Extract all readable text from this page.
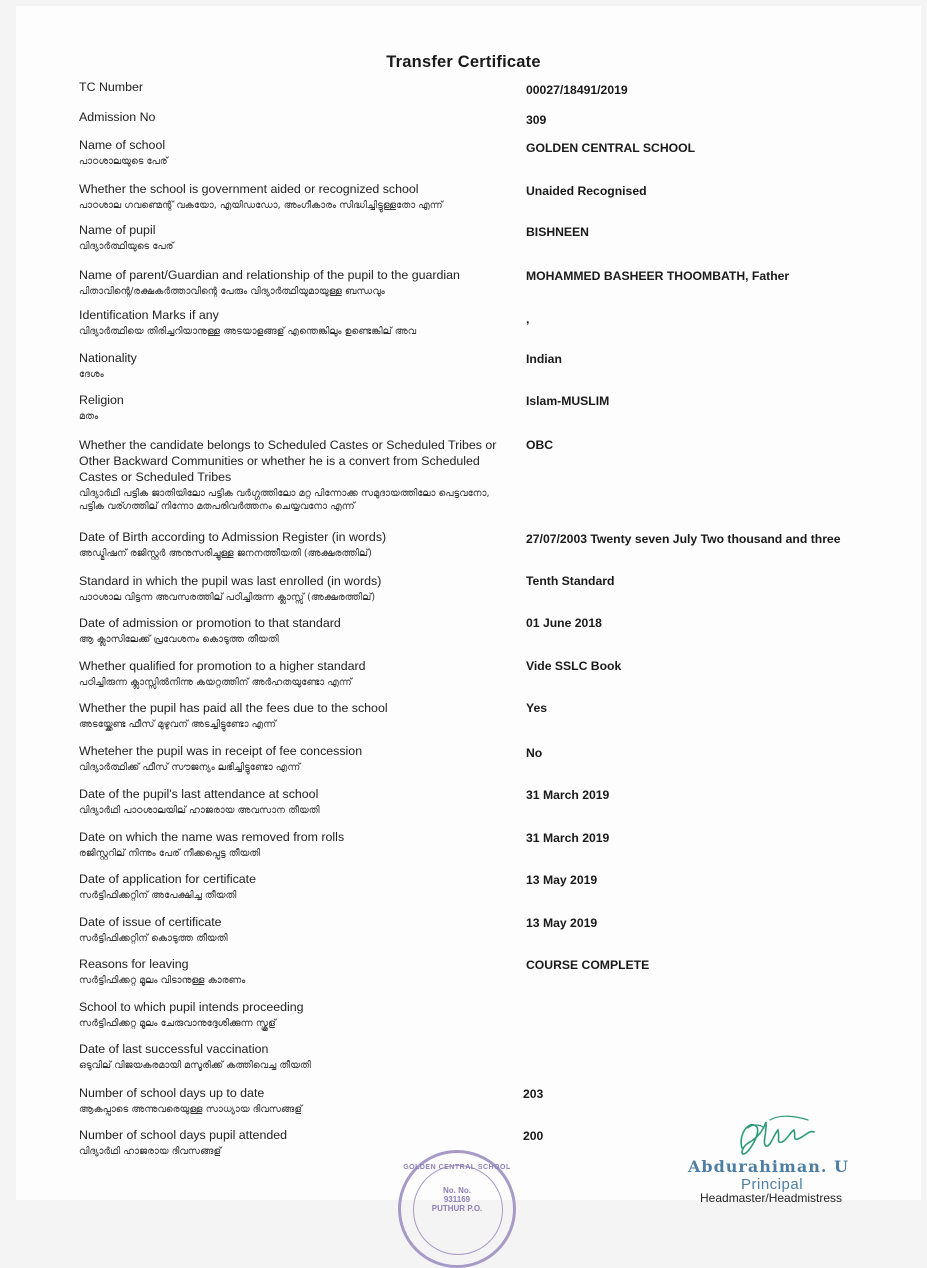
Transfer Certificate
TC Number	00027/18491/2019
Admission No	309
Name of school
പാഠശാലയുടെ പേര്
GOLDEN CENTRAL SCHOOL
Whether the school is government aided or recognized school
പാഠശാല ഗവണ്മെന്റ് വകയോ, എയിഡഡോ, അംഗീകാരം സിദ്ധിച്ചിട്ടുള്ളതോ എന്ന്
Unaided Recognised
Name of pupil
വിദ്യാർത്ഥിയുടെ പേര്
BISHNEEN
Name of parent/Guardian and relationship of the pupil to the guardian
പിതാവിന്റെ/രക്ഷകർത്താവിന്റെ പേരും വിദ്യാർത്ഥിയുമായുള്ള ബന്ധവും
MOHAMMED BASHEER THOOMBATH, Father
Identification Marks if any
വിദ്യാർത്ഥിയെ തിരിച്ചറിയാനുള്ള അടയാളങ്ങള് എന്തെങ്കിലും ഉണ്ടെങ്കില് അവ
,
Nationality
ദേശം
Indian
Religion
മതം
Islam-MUSLIM
Whether the candidate belongs to Scheduled Castes or Scheduled Tribes or Other Backward Communities or whether he is a convert from Scheduled Castes or Scheduled Tribes
വിദ്യാർഥി പട്ടിക ജാതിയിലോ പട്ടിക വർഗ്ഗത്തിലോ മറ്റ പിന്നോക്ക സമുദായത്തിലോ പെട്ടവനോ, പട്ടിക വര്ഗത്തില് നിന്നോ മതപരിവർത്തനം ചെയ്യവനോ എന്ന്
OBC
Date of Birth according to Admission Register (in words)
അഡ്മിഷന് രജിസ്റ്റർ അനുസരിച്ചുള്ള ജനനത്തീയതി (അക്ഷരത്തില്)
27/07/2003 Twenty seven July Two thousand and three
Standard in which the pupil was last enrolled (in words)
പാഠശാല വിട്ടന്ന അവസരത്തില് പഠിച്ചിരുന്ന ക്ലാസ്സ് (അക്ഷരത്തില്)
Tenth Standard
Date of admission or promotion to that standard
ആ ക്ലാസിലേക്ക് പ്രവേശനം കൊടുത്ത തീയതി
01 June 2018
Whether qualified for promotion to a higher standard
പഠിച്ചിരുന്ന ക്ലാസ്സിൽനിന്നു കയറ്റത്തിന് അർഹതയുണ്ടോ എന്ന്
Vide SSLC Book
Whether the pupil has paid all the fees due to the school
അടയ്ക്കേണ്ട ഫീസ് മുഴുവന് അടച്ചിട്ടുണ്ടോ എന്ന്
Yes
Wheteher the pupil was in receipt of fee concession
വിദ്യാർത്ഥിക്ക് ഫീസ് സൗജന്യം ലഭിച്ചിട്ടുണ്ടോ എന്ന്
No
Date of the pupil's last attendance at school
വിദ്യാർഥി പാഠശാലയില് ഹാജരായ അവസാന തീയതി
31 March 2019
Date on which the name was removed from rolls
രജിസ്റ്ററില് നിന്നും പേര് നീക്കപ്പെട്ട തീയതി
31 March 2019
Date of application for certificate
സർട്ടിഫിക്കറ്റിന് അപേക്ഷിച്ച തീയതി
13 May 2019
Date of issue of certificate
സർട്ടിഫിക്കറ്റിന് കൊടുത്ത തീയതി
13 May 2019
Reasons for leaving
സർട്ടിഫിക്കറ്റ മൂലം വിടാനുള്ള കാരണം
COURSE COMPLETE
School to which pupil intends proceeding
സർട്ടിഫിക്കറ്റ മൂലം ചേരുവാനുദ്ദേശിക്കുന്ന സ്കൂള്
Date of last successful vaccination
ഒടുവില് വിജയകരമായി മസൂരിക്ക് കത്തിവെച്ച തീയതി
Number of school days up to date
ആകപ്പാടെ അന്നുവരെയുള്ള സാധ്യായ ദിവസങ്ങള്
203
Number of school days pupil attended
വിദ്യാർഥി ഹാജരായ ദിവസങ്ങള്
200
GOLDEN CENTRAL SCHOOL
No. No.
931169
PUTHUR P.O.
Abdurahiman. U
Principal
Headmaster/Headmistress
